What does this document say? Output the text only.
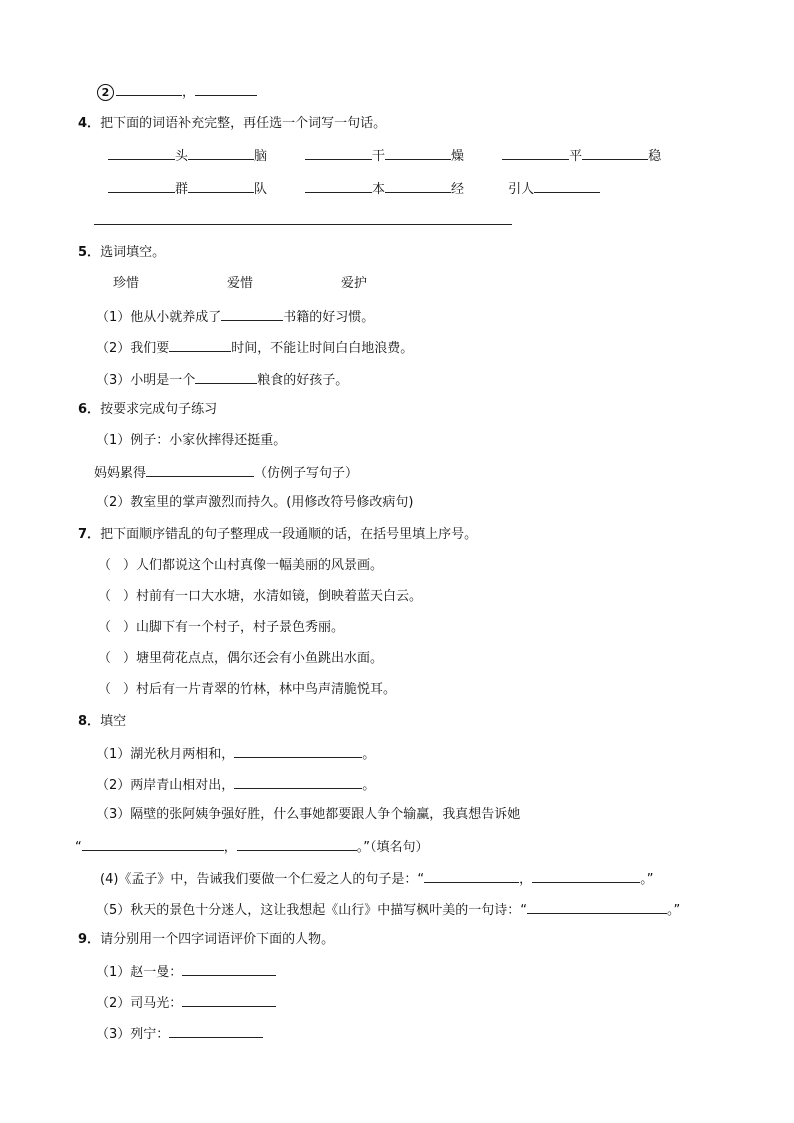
2	，
4．把下面的词语补充完整，再任选一个词写一句话。
头	脑	干	燥	平	稳
群	队	本	经	引人
5．选词填空。
珍惜	爱惜	爱护
（1）他从小就养成了	书籍的好习惯。
（2）我们要	时间，不能让时间白白地浪费。
（3）小明是一个	粮食的好孩子。
6．按要求完成句子练习
（1）例子：小家伙摔得还挺重。
妈妈累得	（仿例子写句子）
（2）教室里的掌声激烈而持久。(用修改符号修改病句)
7．把下面顺序错乱的句子整理成一段通顺的话，在括号里填上序号。
（ ）人们都说这个山村真像一幅美丽的风景画。
（ ）村前有一口大水塘，水清如镜，倒映着蓝天白云。
（ ）山脚下有一个村子，村子景色秀丽。
（ ）塘里荷花点点，偶尔还会有小鱼跳出水面。
（ ）村后有一片青翠的竹林，林中鸟声清脆悦耳。
8．填空
（1）湖光秋月两相和，	。
（2）两岸青山相对出，	。
（3）隔壁的张阿姨争强好胜，什么事她都要跟人争个输赢，我真想告诉她
“	，	。”（填名句）
(4)《孟子》中，告诫我们要做一个仁爱之人的句子是：“	，	。”
（5）秋天的景色十分迷人，这让我想起《山行》中描写枫叶美的一句诗：“	。”
9．请分别用一个四字词语评价下面的人物。
（1）赵一曼：
（2）司马光：
（3）列宁：
